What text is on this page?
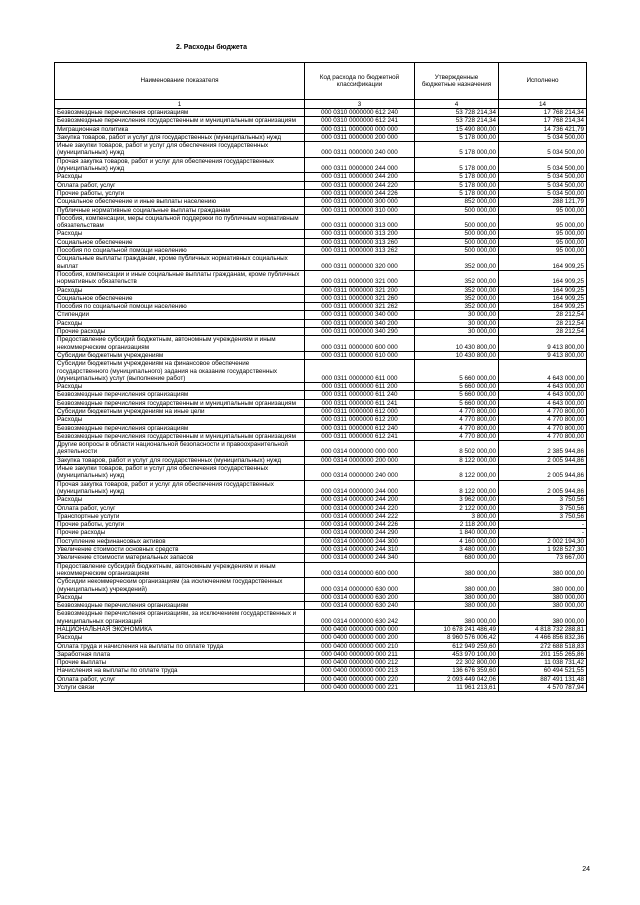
2. Расходы бюджета
Наименование показателя	Код расхода по бюджетной классификации	Утвержденные бюджетные назначения	Исполнено
1	3	4	14
Безвозмездные перечисления организациям	000 0310 0000000 612 240	53 728 214,34	17 768 214,34
Безвозмездные перечисления государственным и муниципальным организациям	000 0310 0000000 612 241	53 728 214,34	17 768 214,34
Миграционная политика	000 0311 0000000 000 000	15 490 800,00	14 736 421,79
Закупка товаров, работ и услуг для государственных (муниципальных) нужд	000 0311 0000000 200 000	5 178 000,00	5 034 500,00
Иные закупки товаров, работ и услуг для обеспечения государственных (муниципальных) нужд	000 0311 0000000 240 000	5 178 000,00	5 034 500,00
Прочая закупка товаров, работ и услуг для обеспечения государственных (муниципальных) нужд	000 0311 0000000 244 000	5 178 000,00	5 034 500,00
Расходы	000 0311 0000000 244 200	5 178 000,00	5 034 500,00
Оплата работ, услуг	000 0311 0000000 244 220	5 178 000,00	5 034 500,00
Прочие работы, услуги	000 0311 0000000 244 226	5 178 000,00	5 034 500,00
Социальное обеспечение и иные выплаты населению	000 0311 0000000 300 000	852 000,00	288 121,79
Публичные нормативные социальные выплаты гражданам	000 0311 0000000 310 000	500 000,00	95 000,00
Пособия, компенсации, меры социальной поддержки по публичным нормативным обязательствам	000 0311 0000000 313 000	500 000,00	95 000,00
Расходы	000 0311 0000000 313 200	500 000,00	95 000,00
Социальное обеспечение	000 0311 0000000 313 260	500 000,00	95 000,00
Пособия по социальной помощи населению	000 0311 0000000 313 262	500 000,00	95 000,00
Социальные выплаты гражданам, кроме публичных нормативных социальных выплат	000 0311 0000000 320 000	352 000,00	164 909,25
Пособия, компенсации и иные социальные выплаты гражданам, кроме публичных нормативных обязательств	000 0311 0000000 321 000	352 000,00	164 909,25
Расходы	000 0311 0000000 321 200	352 000,00	164 909,25
Социальное обеспечение	000 0311 0000000 321 260	352 000,00	164 909,25
Пособия по социальной помощи населению	000 0311 0000000 321 262	352 000,00	164 909,25
Стипендии	000 0311 0000000 340 000	30 000,00	28 212,54
Расходы	000 0311 0000000 340 200	30 000,00	28 212,54
Прочие расходы	000 0311 0000000 340 290	30 000,00	28 212,54
Предоставление субсидий бюджетным, автономным учреждениям и иным некоммерческим организациям	000 0311 0000000 600 000	10 430 800,00	9 413 800,00
Субсидии бюджетным учреждениям	000 0311 0000000 610 000	10 430 800,00	9 413 800,00
Субсидии бюджетным учреждениям на финансовое обеспечение государственного (муниципального) задания на оказание государственных (муниципальных) услуг (выполнение работ)	000 0311 0000000 611 000	5 660 000,00	4 643 000,00
Расходы	000 0311 0000000 611 200	5 660 000,00	4 643 000,00
Безвозмездные перечисления организациям	000 0311 0000000 611 240	5 660 000,00	4 643 000,00
Безвозмездные перечисления государственным и муниципальным организациям	000 0311 0000000 611 241	5 660 000,00	4 643 000,00
Субсидии бюджетным учреждениям на иные цели	000 0311 0000000 612 000	4 770 800,00	4 770 800,00
Расходы	000 0311 0000000 612 200	4 770 800,00	4 770 800,00
Безвозмездные перечисления организациям	000 0311 0000000 612 240	4 770 800,00	4 770 800,00
Безвозмездные перечисления государственным и муниципальным организациям	000 0311 0000000 612 241	4 770 800,00	4 770 800,00
Другие вопросы в области национальной безопасности и правоохранительной деятельности	000 0314 0000000 000 000	8 502 000,00	2 385 944,86
Закупка товаров, работ и услуг для государственных (муниципальных) нужд	000 0314 0000000 200 000	8 122 000,00	2 005 944,86
Иные закупки товаров, работ и услуг для обеспечения государственных (муниципальных) нужд	000 0314 0000000 240 000	8 122 000,00	2 005 944,86
Прочая закупка товаров, работ и услуг для обеспечения государственных (муниципальных) нужд	000 0314 0000000 244 000	8 122 000,00	2 005 944,86
Расходы	000 0314 0000000 244 200	3 962 000,00	3 750,56
Оплата работ, услуг	000 0314 0000000 244 220	2 122 000,00	3 750,56
Транспортные услуги	000 0314 0000000 244 222	3 800,00	3 750,56
Прочие работы, услуги	000 0314 0000000 244 226	2 118 200,00	-
Прочие расходы	000 0314 0000000 244 290	1 840 000,00	-
Поступление нефинансовых активов	000 0314 0000000 244 300	4 160 000,00	2 002 194,30
Увеличение стоимости основных средств	000 0314 0000000 244 310	3 480 000,00	1 928 527,30
Увеличение стоимости материальных запасов	000 0314 0000000 244 340	680 000,00	73 667,00
Предоставление субсидий бюджетным, автономным учреждениям и иным некоммерческим организациям	000 0314 0000000 600 000	380 000,00	380 000,00
Субсидии некоммерческим организациям (за исключением государственных (муниципальных) учреждений)	000 0314 0000000 630 000	380 000,00	380 000,00
Расходы	000 0314 0000000 630 200	380 000,00	380 000,00
Безвозмездные перечисления организациям	000 0314 0000000 630 240	380 000,00	380 000,00
Безвозмездные перечисления организациям, за исключением государственных и муниципальных организаций	000 0314 0000000 630 242	380 000,00	380 000,00
НАЦИОНАЛЬНАЯ ЭКОНОМИКА	000 0400 0000000 000 000	10 678 241 486,49	4 818 732 288,81
Расходы	000 0400 0000000 000 200	8 960 576 006,42	4 466 856 832,36
Оплата труда и начисления на выплаты по оплате труда	000 0400 0000000 000 210	612 949 259,60	272 688 518,83
Заработная плата	000 0400 0000000 000 211	453 970 100,00	201 155 265,86
Прочие выплаты	000 0400 0000000 000 212	22 302 800,00	11 038 731,42
Начисления на выплаты по оплате труда	000 0400 0000000 000 213	136 676 359,60	60 494 521,55
Оплата работ, услуг	000 0400 0000000 000 220	2 093 449 042,06	887 491 131,48
Услуги связи	000 0400 0000000 000 221	11 961 213,61	4 570 787,94
24
